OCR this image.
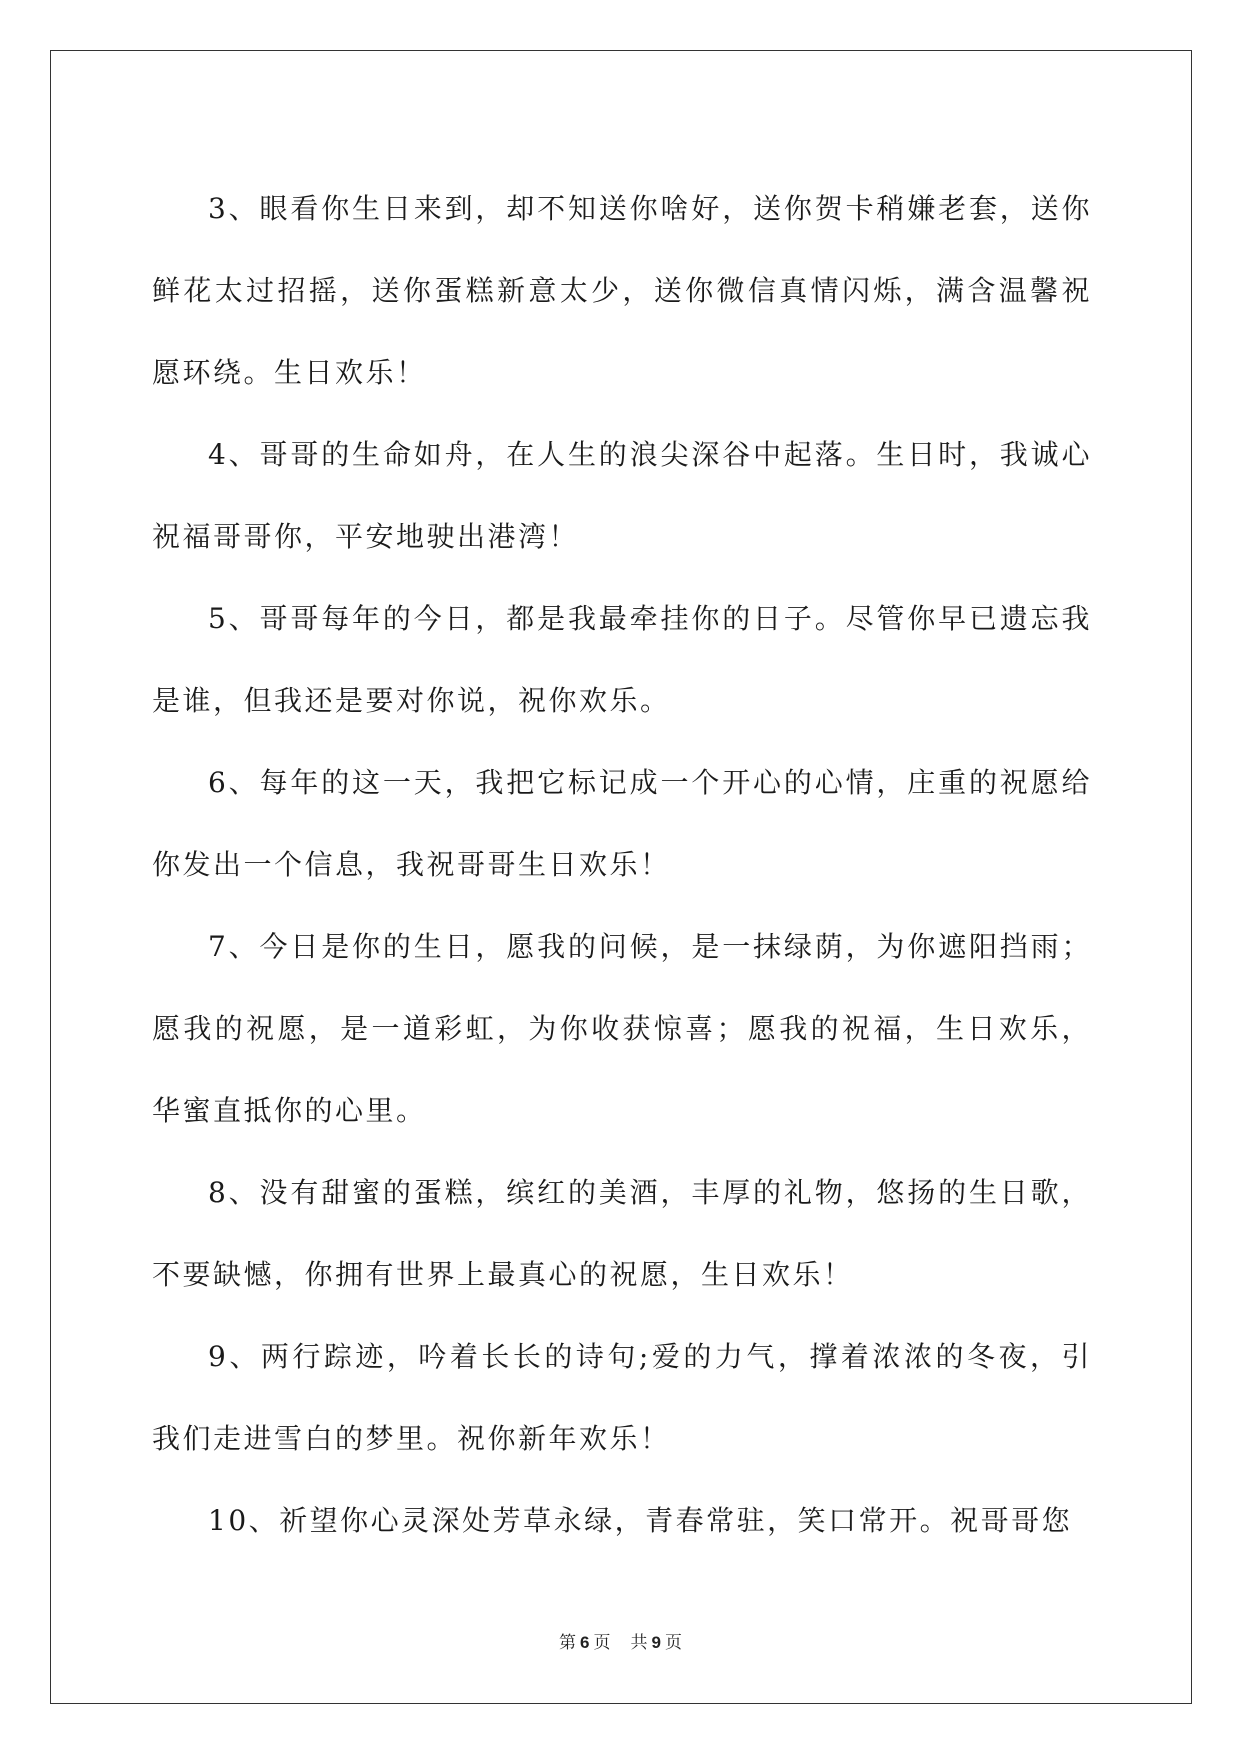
3、眼看你生日来到，却不知送你啥好，送你贺卡稍嫌老套，送你鲜花太过招摇，送你蛋糕新意太少，送你微信真情闪烁，满含温馨祝愿环绕。生日欢乐！

4、哥哥的生命如舟，在人生的浪尖深谷中起落。生日时，我诚心祝福哥哥你，平安地驶出港湾！

5、哥哥每年的今日，都是我最牵挂你的日子。尽管你早已遗忘我是谁，但我还是要对你说，祝你欢乐。

6、每年的这一天，我把它标记成一个开心的心情，庄重的祝愿给你发出一个信息，我祝哥哥生日欢乐！

7、今日是你的生日，愿我的问候，是一抹绿荫，为你遮阳挡雨；愿我的祝愿，是一道彩虹，为你收获惊喜；愿我的祝福，生日欢乐，华蜜直抵你的心里。

8、没有甜蜜的蛋糕，缤红的美酒，丰厚的礼物，悠扬的生日歌，不要缺憾，你拥有世界上最真心的祝愿，生日欢乐！

9、两行踪迹，吟着长长的诗句;爱的力气，撑着浓浓的冬夜，引我们走进雪白的梦里。祝你新年欢乐！

10、祈望你心灵深处芳草永绿，青春常驻，笑口常开。祝哥哥您

第 6 页 共 9 页
